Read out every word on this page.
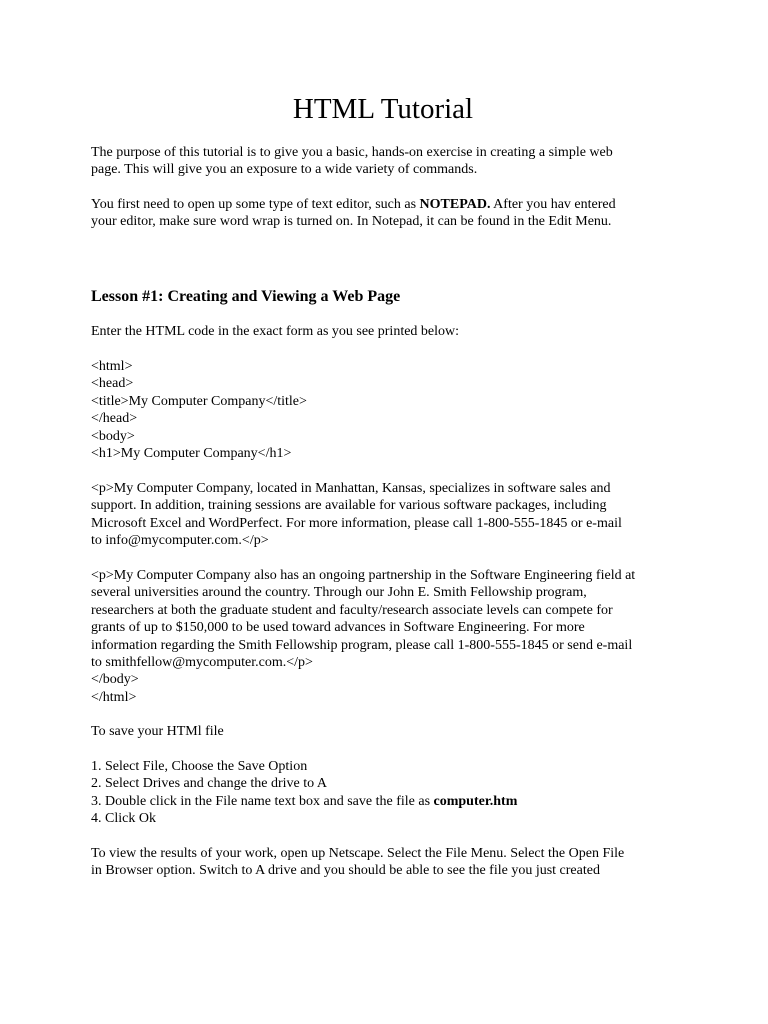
HTML Tutorial

The purpose of this tutorial is to give you a basic, hands-on exercise in creating a simple web
page. This will give you an exposure to a wide variety of commands.

You first need to open up some type of text editor, such as NOTEPAD. After you hav entered
your editor, make sure word wrap is turned on. In Notepad, it can be found in the Edit Menu.

Lesson #1: Creating and Viewing a Web Page

Enter the HTML code in the exact form as you see printed below:

<html>
<head>
<title>My Computer Company</title>
</head>
<body>
<h1>My Computer Company</h1>

<p>My Computer Company, located in Manhattan, Kansas, specializes in software sales and
support. In addition, training sessions are available for various software packages, including
Microsoft Excel and WordPerfect. For more information, please call 1-800-555-1845 or e-mail
to info@mycomputer.com.</p>

<p>My Computer Company also has an ongoing partnership in the Software Engineering field at
several universities around the country. Through our John E. Smith Fellowship program,
researchers at both the graduate student and faculty/research associate levels can compete for
grants of up to $150,000 to be used toward advances in Software Engineering. For more
information regarding the Smith Fellowship program, please call 1-800-555-1845 or send e-mail
to smithfellow@mycomputer.com.</p>
</body>
</html>

To save your HTMl file

1. Select File, Choose the Save Option
2. Select Drives and change the drive to A
3. Double click in the File name text box and save the file as computer.htm
4. Click Ok

To view the results of your work, open up Netscape. Select the File Menu. Select the Open File
in Browser option. Switch to A drive and you should be able to see the file you just created
